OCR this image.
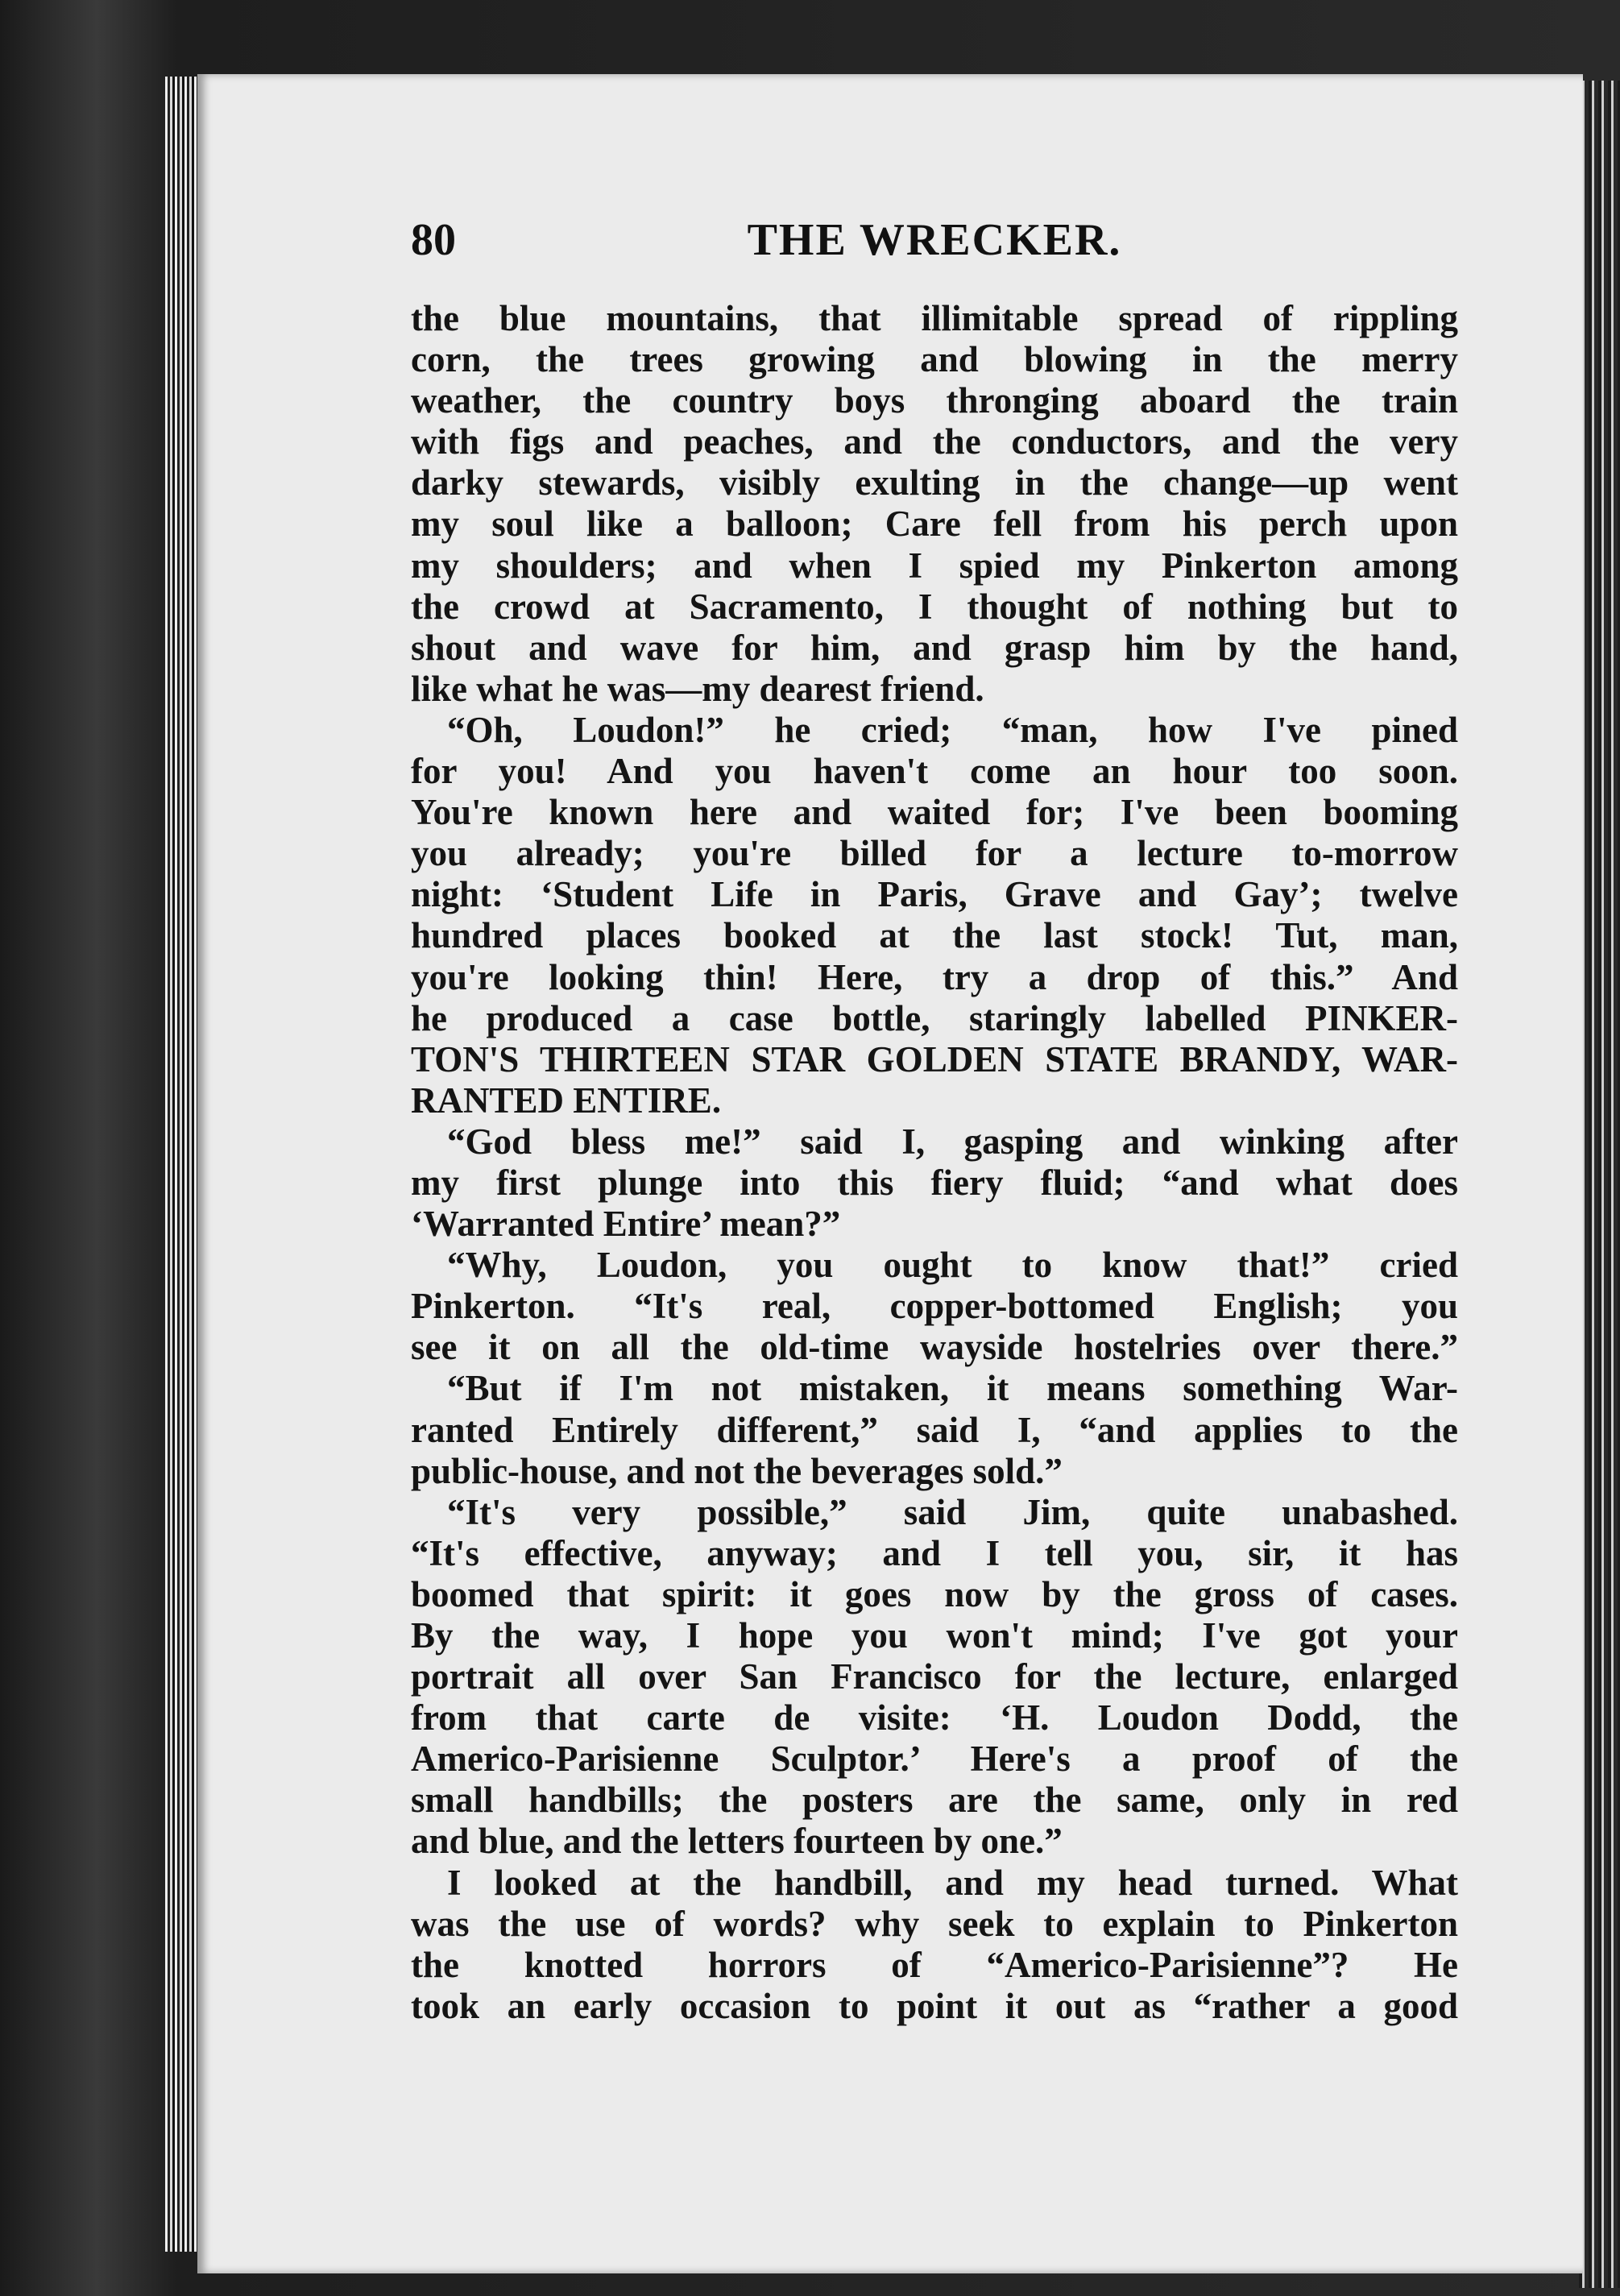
80	THE WRECKER.
the blue mountains, that illimitable spread of rippling
corn, the trees growing and blowing in the merry
weather, the country boys thronging aboard the train
with figs and peaches, and the conductors, and the very
darky stewards, visibly exulting in the change—up went
my soul like a balloon; Care fell from his perch upon
my shoulders; and when I spied my Pinkerton among
the crowd at Sacramento, I thought of nothing but to
shout and wave for him, and grasp him by the hand,
like what he was—my dearest friend.
 “Oh, Loudon!” he cried; “man, how I've pined
for you! And you haven't come an hour too soon.
You're known here and waited for; I've been booming
you already; you're billed for a lecture to-morrow
night: ‘Student Life in Paris, Grave and Gay’; twelve
hundred places booked at the last stock! Tut, man,
you're looking thin! Here, try a drop of this.” And
he produced a case bottle, staringly labelled PINKER-
TON'S THIRTEEN STAR GOLDEN STATE BRANDY, WAR-
RANTED ENTIRE.
 “God bless me!” said I, gasping and winking after
my first plunge into this fiery fluid; “and what does
‘Warranted Entire’ mean?”
 “Why, Loudon, you ought to know that!” cried
Pinkerton. “It's real, copper-bottomed English; you
see it on all the old-time wayside hostelries over there.”
 “But if I'm not mistaken, it means something War-
ranted Entirely different,” said I, “and applies to the
public-house, and not the beverages sold.”
 “It's very possible,” said Jim, quite unabashed.
“It's effective, anyway; and I tell you, sir, it has
boomed that spirit: it goes now by the gross of cases.
By the way, I hope you won't mind; I've got your
portrait all over San Francisco for the lecture, enlarged
from that carte de visite: ‘H. Loudon Dodd, the
Americo-Parisienne Sculptor.’ Here's a proof of the
small handbills; the posters are the same, only in red
and blue, and the letters fourteen by one.”
 I looked at the handbill, and my head turned. What
was the use of words? why seek to explain to Pinkerton
the knotted horrors of “Americo-Parisienne”? He
took an early occasion to point it out as “rather a good
